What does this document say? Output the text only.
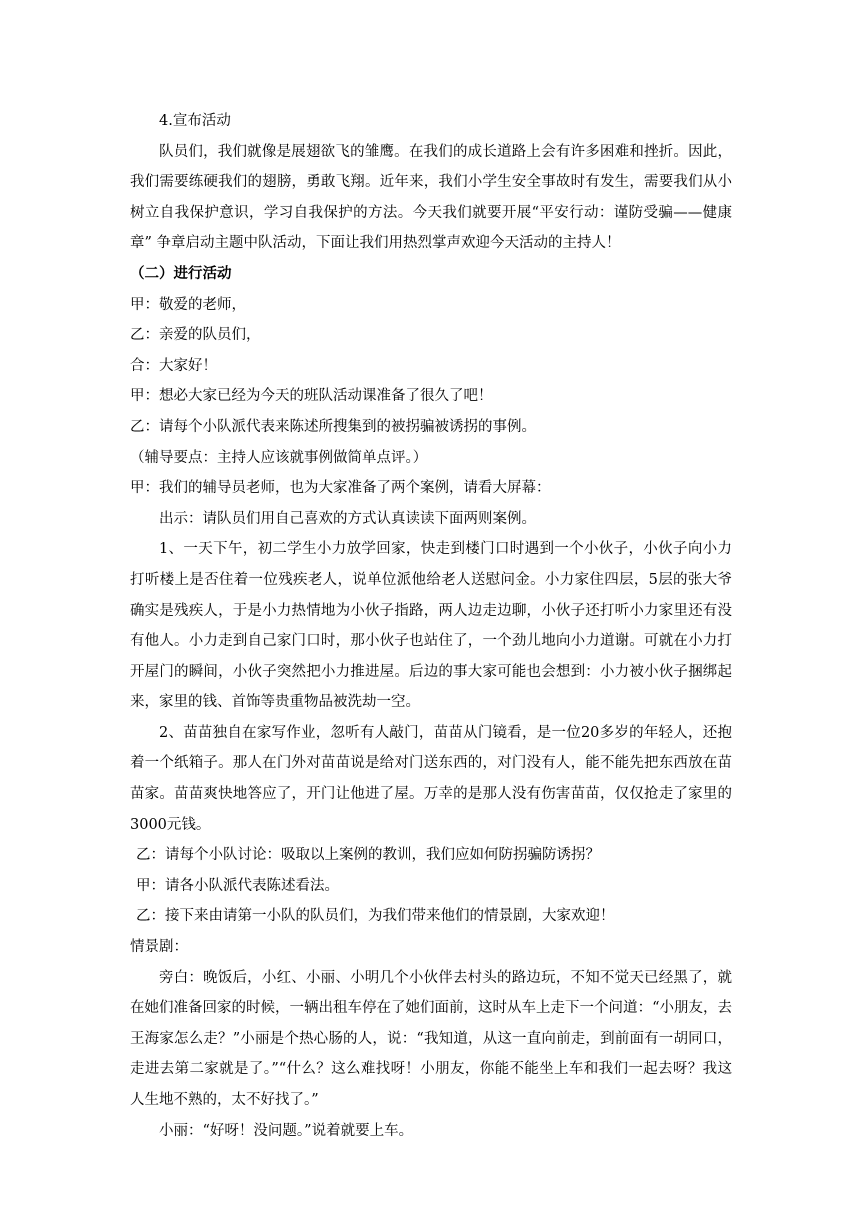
4.宣布活动

队员们，我们就像是展翅欲飞的雏鹰。在我们的成长道路上会有许多困难和挫折。因此，我们需要练硬我们的翅膀，勇敢飞翔。近年来，我们小学生安全事故时有发生，需要我们从小树立自我保护意识，学习自我保护的方法。今天我们就要开展“平安行动：谨防受骗——健康章” 争章启动主题中队活动，下面让我们用热烈掌声欢迎今天活动的主持人！

（二）进行活动

甲：敬爱的老师，

乙：亲爱的队员们，

合：大家好！

甲：想必大家已经为今天的班队活动课准备了很久了吧！

乙：请每个小队派代表来陈述所搜集到的被拐骗被诱拐的事例。

（辅导要点：主持人应该就事例做简单点评。）

甲：我们的辅导员老师，也为大家准备了两个案例，请看大屏幕：

出示：请队员们用自己喜欢的方式认真读读下面两则案例。

1、一天下午，初二学生小力放学回家，快走到楼门口时遇到一个小伙子，小伙子向小力打听楼上是否住着一位残疾老人，说单位派他给老人送慰问金。小力家住四层，5层的张大爷确实是残疾人，于是小力热情地为小伙子指路，两人边走边聊，小伙子还打听小力家里还有没有他人。小力走到自己家门口时，那小伙子也站住了，一个劲儿地向小力道谢。可就在小力打开屋门的瞬间，小伙子突然把小力推进屋。后边的事大家可能也会想到：小力被小伙子捆绑起来，家里的钱、首饰等贵重物品被洗劫一空。

2、苗苗独自在家写作业，忽听有人敲门，苗苗从门镜看，是一位20多岁的年轻人，还抱着一个纸箱子。那人在门外对苗苗说是给对门送东西的，对门没有人，能不能先把东西放在苗苗家。苗苗爽快地答应了，开门让他进了屋。万幸的是那人没有伤害苗苗，仅仅抢走了家里的3000元钱。

乙：请每个小队讨论：吸取以上案例的教训，我们应如何防拐骗防诱拐？

甲：请各小队派代表陈述看法。

乙：接下来由请第一小队的队员们，为我们带来他们的情景剧，大家欢迎！

情景剧：

旁白：晚饭后，小红、小丽、小明几个小伙伴去村头的路边玩，不知不觉天已经黑了，就在她们准备回家的时候，一辆出租车停在了她们面前，这时从车上走下一个问道：“小朋友，去王海家怎么走？”小丽是个热心肠的人，说：“我知道，从这一直向前走，到前面有一胡同口，走进去第二家就是了。”“什么？这么难找呀！小朋友，你能不能坐上车和我们一起去呀？我这人生地不熟的，太不好找了。”

小丽：“好呀！没问题。”说着就要上车。
